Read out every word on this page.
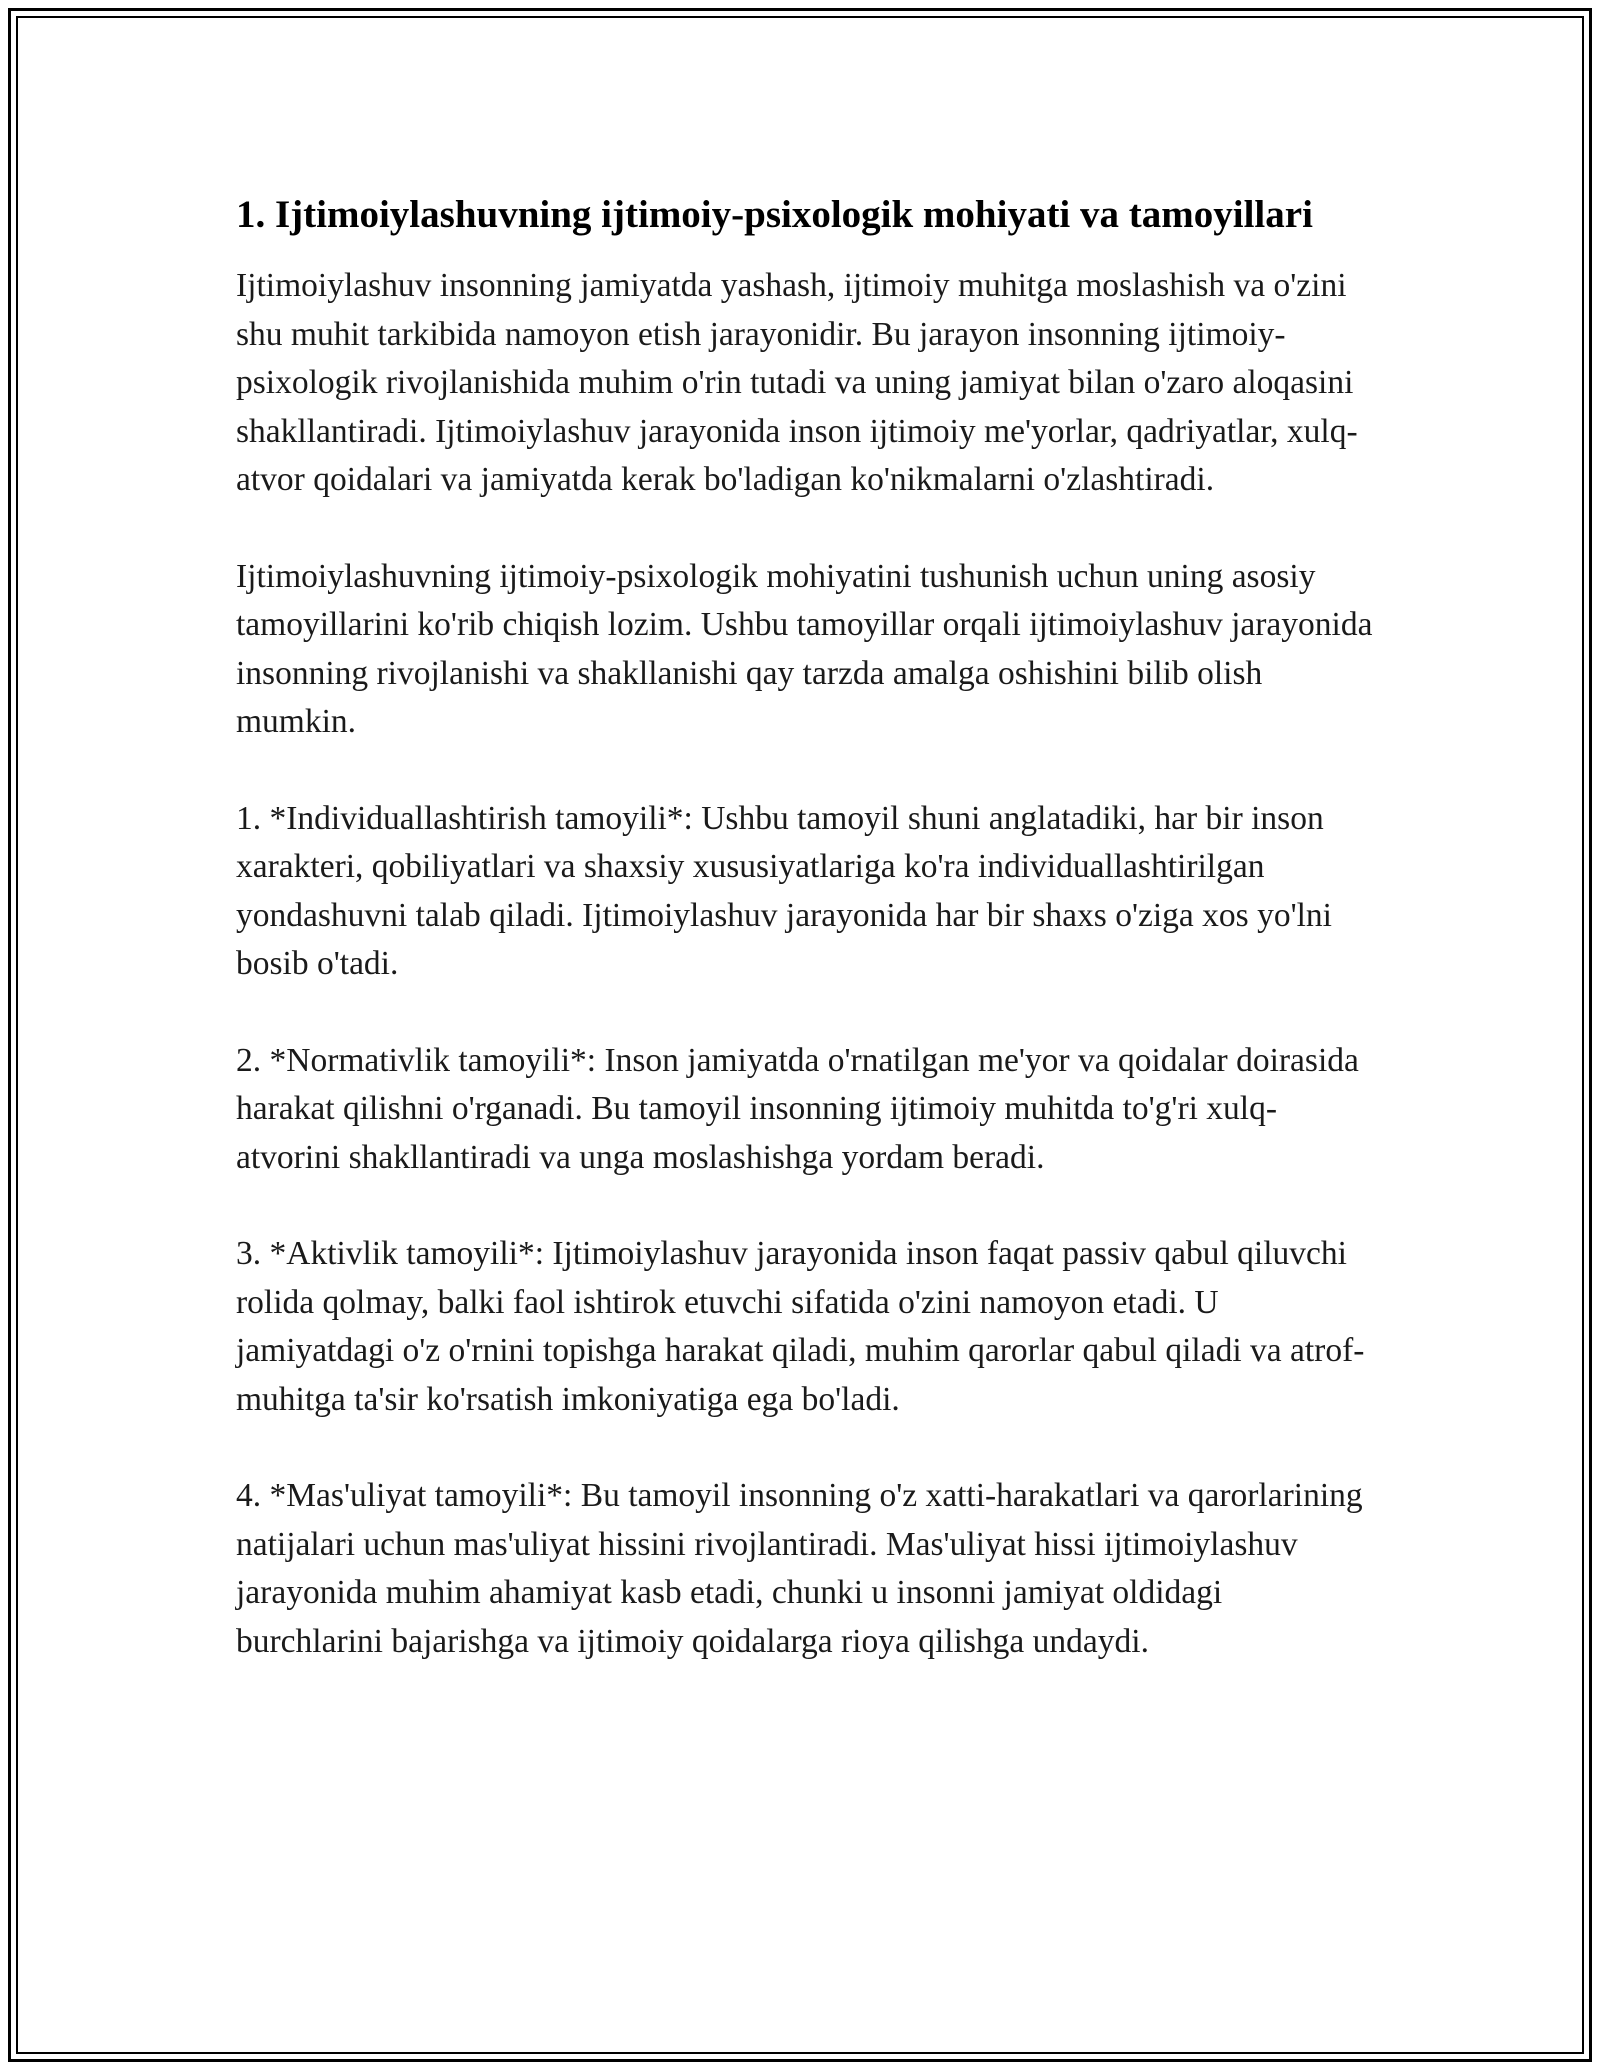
1. Ijtimoiylashuvning ijtimoiy-psixologik mohiyati va tamoyillari

Ijtimoiylashuv insonning jamiyatda yashash, ijtimoiy muhitga moslashish va o'zini shu muhit tarkibida namoyon etish jarayonidir. Bu jarayon insonning ijtimoiy-psixologik rivojlanishida muhim o'rin tutadi va uning jamiyat bilan o'zaro aloqasini shakllantiradi. Ijtimoiylashuv jarayonida inson ijtimoiy me'yorlar, qadriyatlar, xulq-atvor qoidalari va jamiyatda kerak bo'ladigan ko'nikmalarni o'zlashtiradi.

Ijtimoiylashuvning ijtimoiy-psixologik mohiyatini tushunish uchun uning asosiy tamoyillarini ko'rib chiqish lozim. Ushbu tamoyillar orqali ijtimoiylashuv jarayonida insonning rivojlanishi va shakllanishi qay tarzda amalga oshishini bilib olish mumkin.

1. *Individuallashtirish tamoyili*: Ushbu tamoyil shuni anglatadiki, har bir inson xarakteri, qobiliyatlari va shaxsiy xususiyatlariga ko'ra individuallashtirilgan yondashuvni talab qiladi. Ijtimoiylashuv jarayonida har bir shaxs o'ziga xos yo'lni bosib o'tadi.

2. *Normativlik tamoyili*: Inson jamiyatda o'rnatilgan me'yor va qoidalar doirasida harakat qilishni o'rganadi. Bu tamoyil insonning ijtimoiy muhitda to'g'ri xulq-atvorini shakllantiradi va unga moslashishga yordam beradi.

3. *Aktivlik tamoyili*: Ijtimoiylashuv jarayonida inson faqat passiv qabul qiluvchi rolida qolmay, balki faol ishtirok etuvchi sifatida o'zini namoyon etadi. U jamiyatdagi o'z o'rnini topishga harakat qiladi, muhim qarorlar qabul qiladi va atrof-muhitga ta'sir ko'rsatish imkoniyatiga ega bo'ladi.

4. *Mas'uliyat tamoyili*: Bu tamoyil insonning o'z xatti-harakatlari va qarorlarining natijalari uchun mas'uliyat hissini rivojlantiradi. Mas'uliyat hissi ijtimoiylashuv jarayonida muhim ahamiyat kasb etadi, chunki u insonni jamiyat oldidagi burchlarini bajarishga va ijtimoiy qoidalarga rioya qilishga undaydi.
